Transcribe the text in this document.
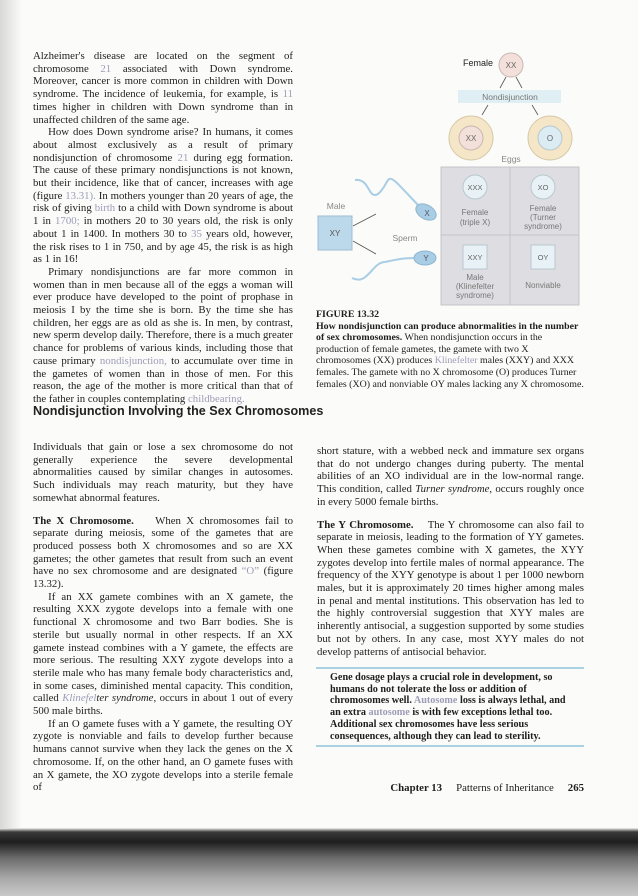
Alzheimer's disease are located on the segment of chromosome 21 associated with Down syndrome. Moreover, cancer is more common in children with Down syndrome. The incidence of leukemia, for example, is 11 times higher in children with Down syndrome than in unaffected children of the same age.

How does Down syndrome arise? In humans, it comes about almost exclusively as a result of primary nondisjunction of chromosome 21 during egg formation. The cause of these primary nondisjunctions is not known, but their incidence, like that of cancer, increases with age (figure 13.31). In mothers younger than 20 years of age, the risk of giving birth to a child with Down syndrome is about 1 in 1700; in mothers 20 to 30 years old, the risk is only about 1 in 1400. In mothers 30 to 35 years old, however, the risk rises to 1 in 750, and by age 45, the risk is as high as 1 in 16!

Primary nondisjunctions are far more common in women than in men because all of the eggs a woman will ever produce have developed to the point of prophase in meiosis I by the time she is born. By the time she has children, her eggs are as old as she is. In men, by contrast, new sperm develop daily. Therefore, there is a much greater chance for problems of various kinds, including those that cause primary nondisjunction, to accumulate over time in the gametes of women than in those of men. For this reason, the age of the mother is more critical than that of the father in couples contemplating childbearing.

Nondisjunction Involving the Sex Chromosomes

Individuals that gain or lose a sex chromosome do not generally experience the severe developmental abnormalities caused by similar changes in autosomes. Such individuals may reach maturity, but they have somewhat abnormal features.

The X Chromosome.    When X chromosomes fail to separate during meiosis, some of the gametes that are produced possess both X chromosomes and so are XX gametes; the other gametes that result from such an event have no sex chromosome and are designated “O” (figure 13.32).

If an XX gamete combines with an X gamete, the resulting XXX zygote develops into a female with one functional X chromosome and two Barr bodies. She is sterile but usually normal in other respects. If an XX gamete instead combines with a Y gamete, the effects are more serious. The resulting XXY zygote develops into a sterile male who has many female body characteristics and, in some cases, diminished mental capacity. This condition, called Klinefelter syndrome, occurs in about 1 out of every 500 male births.

If an O gamete fuses with a Y gamete, the resulting OY zygote is nonviable and fails to develop further because humans cannot survive when they lack the genes on the X chromosome. If, on the other hand, an O gamete fuses with an X gamete, the XO zygote develops into a sterile female of

Female XX
Nondisjunction
XX	O
Eggs
XXX
Female
(triple X)
XO
Female
(Turner
syndrome)
XXY
Male
(Klinefelter
syndrome)
OY
Nonviable
Male
XY
X
Y
Sperm

FIGURE 13.32

How nondisjunction can produce abnormalities in the number of sex chromosomes. When nondisjunction occurs in the production of female gametes, the gamete with two X chromosomes (XX) produces Klinefelter males (XXY) and XXX females. The gamete with no X chromosome (O) produces Turner females (XO) and nonviable OY males lacking any X chromosome.

short stature, with a webbed neck and immature sex organs that do not undergo changes during puberty. The mental abilities of an XO individual are in the low-normal range. This condition, called Turner syndrome, occurs roughly once in every 5000 female births.

The Y Chromosome.    The Y chromosome can also fail to separate in meiosis, leading to the formation of YY gametes. When these gametes combine with X gametes, the XYY zygotes develop into fertile males of normal appearance. The frequency of the XYY genotype is about 1 per 1000 newborn males, but it is approximately 20 times higher among males in penal and mental institutions. This observation has led to the highly controversial suggestion that XYY males are inherently antisocial, a suggestion supported by some studies but not by others. In any case, most XYY males do not develop patterns of antisocial behavior.

Gene dosage plays a crucial role in development, so humans do not tolerate the loss or addition of chromosomes well. Autosome loss is always lethal, and an extra autosome is with few exceptions lethal too. Additional sex chromosomes have less serious consequences, although they can lead to sterility.
Chapter 13 Patterns of Inheritance 265
